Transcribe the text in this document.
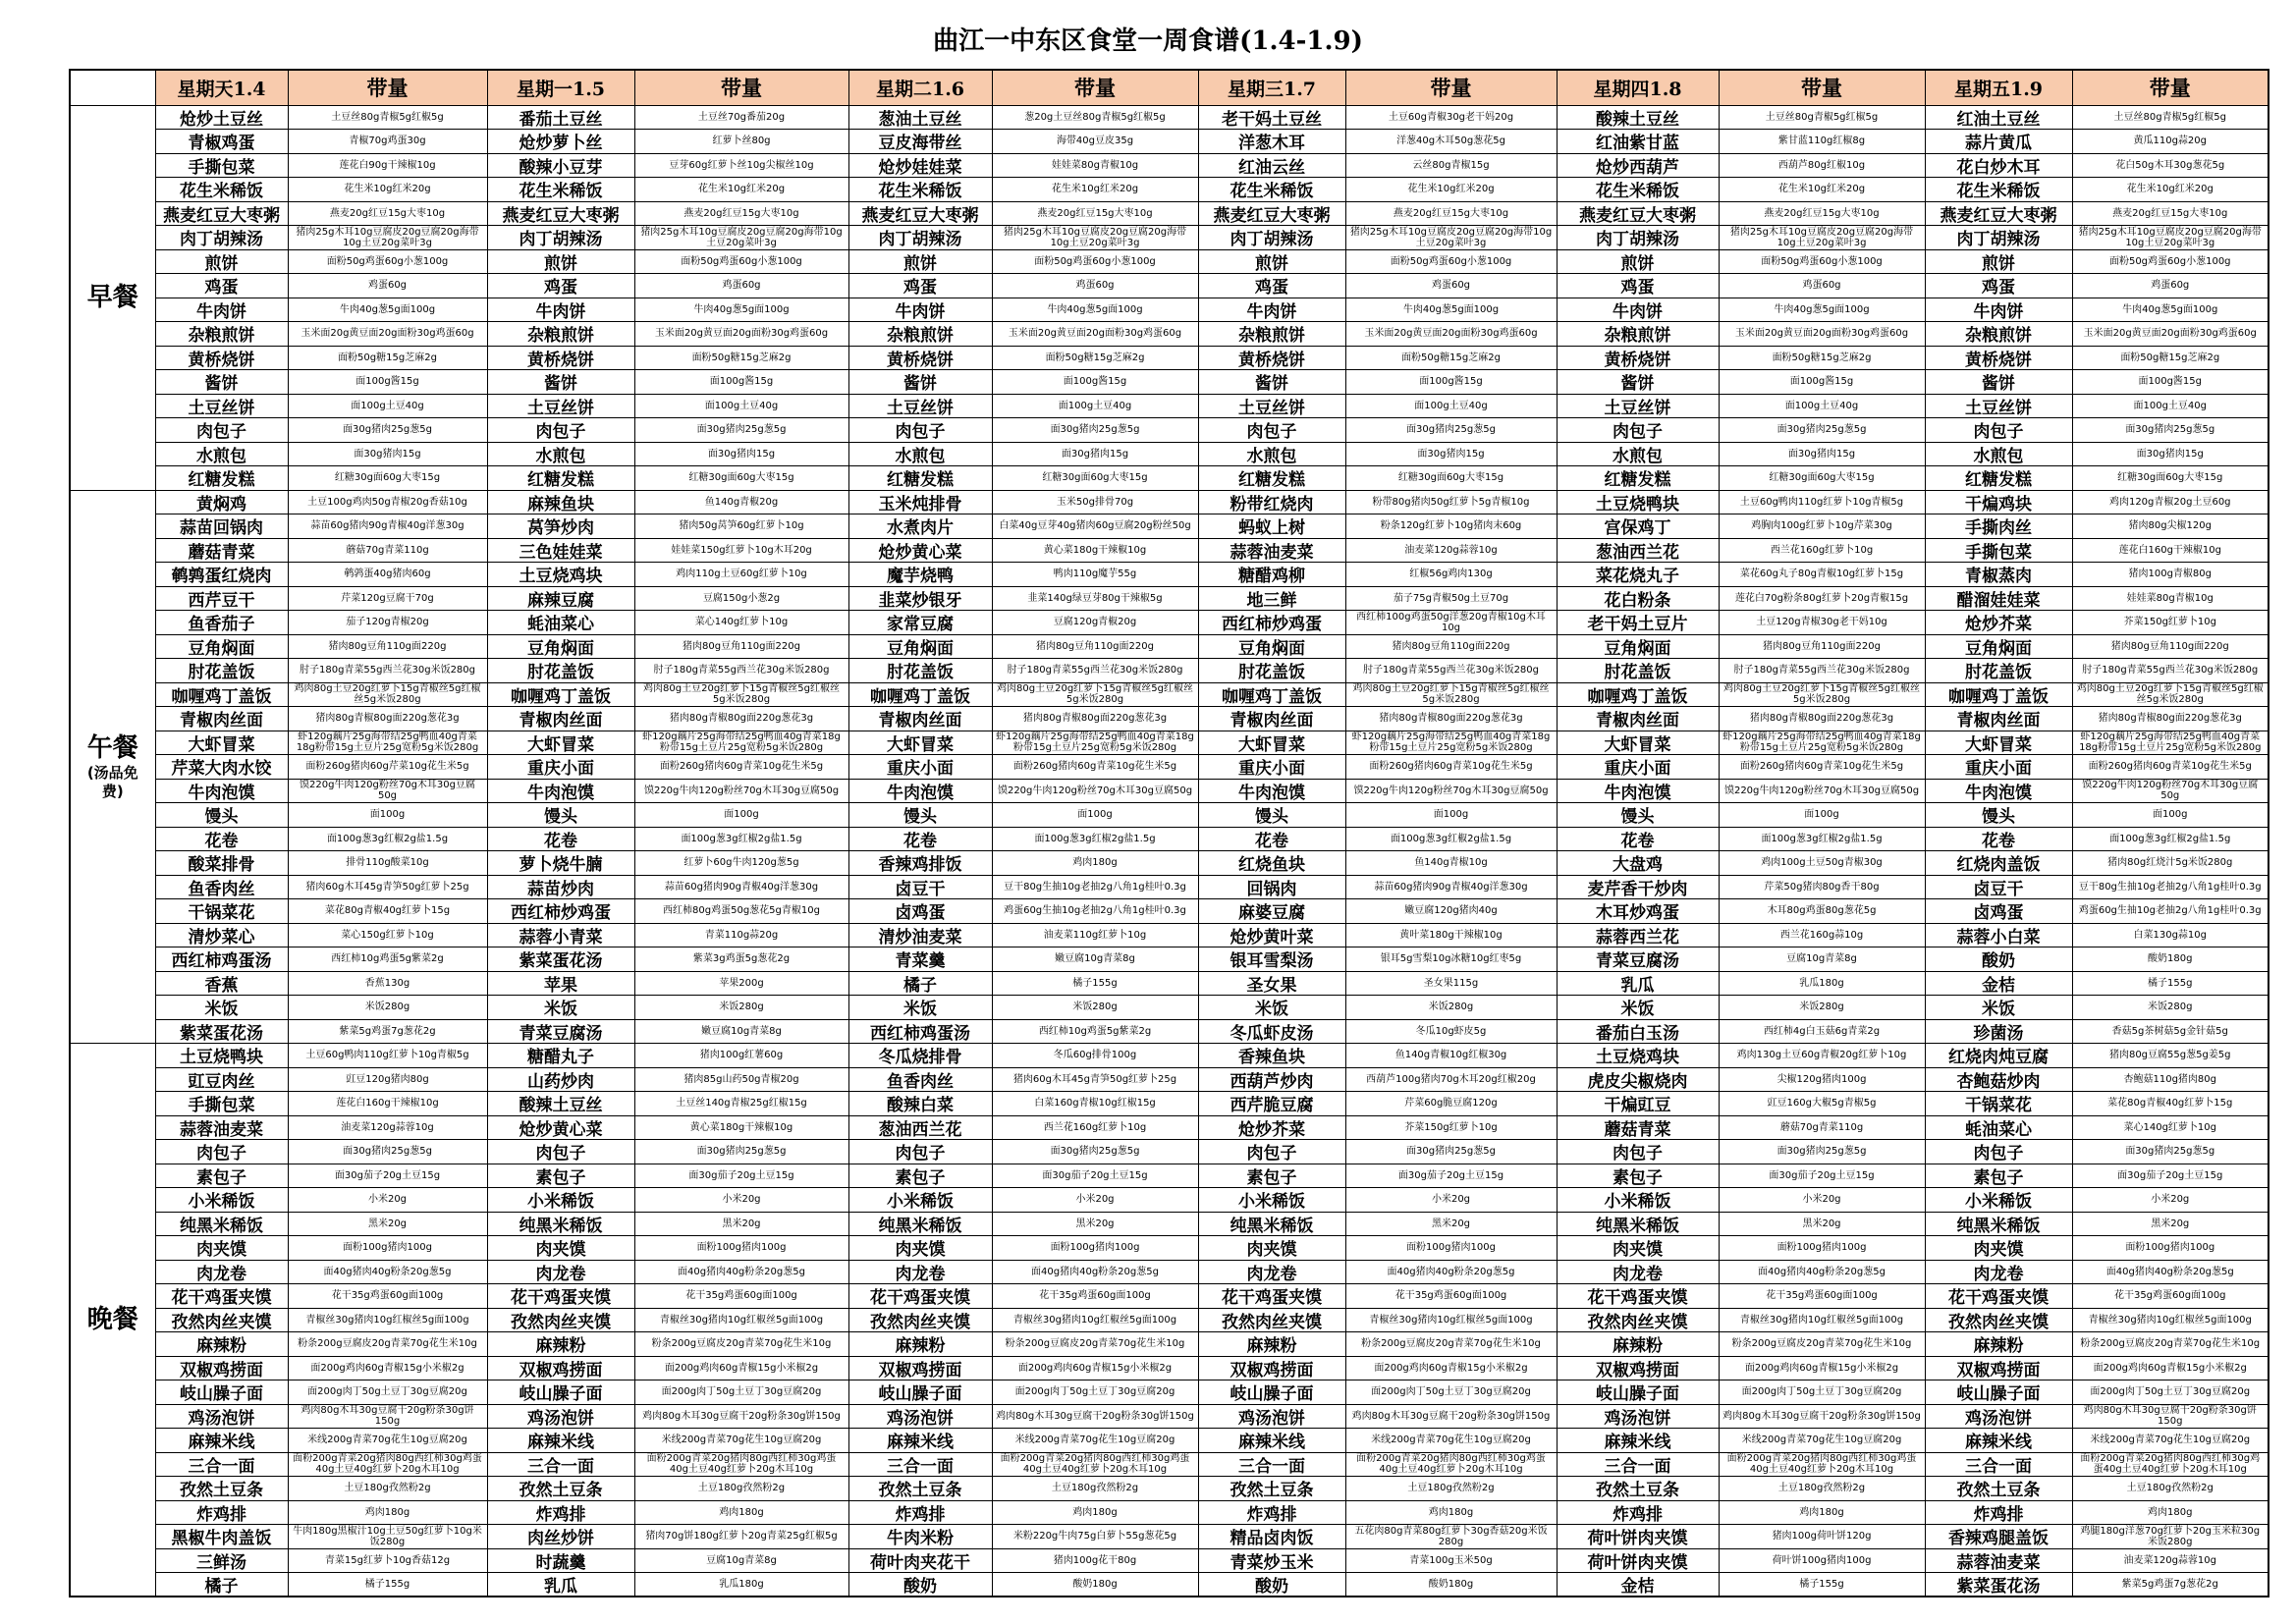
曲江一中东区食堂一周食谱(1.4-1.9)
	星期天1.4	带量	星期一1.5	带量	星期二1.6	带量	星期三1.7	带量	星期四1.8	带量	星期五1.9	带量

早餐	炝炒土豆丝	土豆丝80g青椒5g红椒5g	番茄土豆丝	土豆丝70g番茄20g	葱油土豆丝	葱20g土豆丝80g青椒5g红椒5g	老干妈土豆丝	土豆60g青椒30g老干妈20g	酸辣土豆丝	土豆丝80g青椒5g红椒5g	红油土豆丝	土豆丝80g青椒5g红椒5g

青椒鸡蛋	青椒70g鸡蛋30g	炝炒萝卜丝	红萝卜丝80g	豆皮海带丝	海带40g豆皮35g	洋葱木耳	洋葱40g木耳50g葱花5g	红油紫甘蓝	紫甘蓝110g红椒8g	蒜片黄瓜	黄瓜110g蒜20g

手撕包菜	莲花白90g干辣椒10g	酸辣小豆芽	豆芽60g红萝卜丝10g尖椒丝10g	炝炒娃娃菜	娃娃菜80g青椒10g	红油云丝	云丝80g青椒15g	炝炒西葫芦	西葫芦80g红椒10g	花白炒木耳	花白50g木耳30g葱花5g

花生米稀饭	花生米10g红米20g	花生米稀饭	花生米10g红米20g	花生米稀饭	花生米10g红米20g	花生米稀饭	花生米10g红米20g	花生米稀饭	花生米10g红米20g	花生米稀饭	花生米10g红米20g

燕麦红豆大枣粥	燕麦20g红豆15g大枣10g	燕麦红豆大枣粥	燕麦20g红豆15g大枣10g	燕麦红豆大枣粥	燕麦20g红豆15g大枣10g	燕麦红豆大枣粥	燕麦20g红豆15g大枣10g	燕麦红豆大枣粥	燕麦20g红豆15g大枣10g	燕麦红豆大枣粥	燕麦20g红豆15g大枣10g

肉丁胡辣汤	猪肉25g木耳10g豆腐皮20g豆腐20g海带10g土豆20g菜叶3g	肉丁胡辣汤	猪肉25g木耳10g豆腐皮20g豆腐20g海带10g土豆20g菜叶3g	肉丁胡辣汤	猪肉25g木耳10g豆腐皮20g豆腐20g海带10g土豆20g菜叶3g	肉丁胡辣汤	猪肉25g木耳10g豆腐皮20g豆腐20g海带10g土豆20g菜叶3g	肉丁胡辣汤	猪肉25g木耳10g豆腐皮20g豆腐20g海带10g土豆20g菜叶3g	肉丁胡辣汤	猪肉25g木耳10g豆腐皮20g豆腐20g海带10g土豆20g菜叶3g

煎饼	面粉50g鸡蛋60g小葱100g	煎饼	面粉50g鸡蛋60g小葱100g	煎饼	面粉50g鸡蛋60g小葱100g	煎饼	面粉50g鸡蛋60g小葱100g	煎饼	面粉50g鸡蛋60g小葱100g	煎饼	面粉50g鸡蛋60g小葱100g

鸡蛋	鸡蛋60g	鸡蛋	鸡蛋60g	鸡蛋	鸡蛋60g	鸡蛋	鸡蛋60g	鸡蛋	鸡蛋60g	鸡蛋	鸡蛋60g

牛肉饼	牛肉40g葱5g面100g	牛肉饼	牛肉40g葱5g面100g	牛肉饼	牛肉40g葱5g面100g	牛肉饼	牛肉40g葱5g面100g	牛肉饼	牛肉40g葱5g面100g	牛肉饼	牛肉40g葱5g面100g

杂粮煎饼	玉米面20g黄豆面20g面粉30g鸡蛋60g	杂粮煎饼	玉米面20g黄豆面20g面粉30g鸡蛋60g	杂粮煎饼	玉米面20g黄豆面20g面粉30g鸡蛋60g	杂粮煎饼	玉米面20g黄豆面20g面粉30g鸡蛋60g	杂粮煎饼	玉米面20g黄豆面20g面粉30g鸡蛋60g	杂粮煎饼	玉米面20g黄豆面20g面粉30g鸡蛋60g

黄桥烧饼	面粉50g糖15g芝麻2g	黄桥烧饼	面粉50g糖15g芝麻2g	黄桥烧饼	面粉50g糖15g芝麻2g	黄桥烧饼	面粉50g糖15g芝麻2g	黄桥烧饼	面粉50g糖15g芝麻2g	黄桥烧饼	面粉50g糖15g芝麻2g

酱饼	面100g酱15g	酱饼	面100g酱15g	酱饼	面100g酱15g	酱饼	面100g酱15g	酱饼	面100g酱15g	酱饼	面100g酱15g

土豆丝饼	面100g土豆40g	土豆丝饼	面100g土豆40g	土豆丝饼	面100g土豆40g	土豆丝饼	面100g土豆40g	土豆丝饼	面100g土豆40g	土豆丝饼	面100g土豆40g

肉包子	面30g猪肉25g葱5g	肉包子	面30g猪肉25g葱5g	肉包子	面30g猪肉25g葱5g	肉包子	面30g猪肉25g葱5g	肉包子	面30g猪肉25g葱5g	肉包子	面30g猪肉25g葱5g

水煎包	面30g猪肉15g	水煎包	面30g猪肉15g	水煎包	面30g猪肉15g	水煎包	面30g猪肉15g	水煎包	面30g猪肉15g	水煎包	面30g猪肉15g

红糖发糕	红糖30g面60g大枣15g	红糖发糕	红糖30g面60g大枣15g	红糖发糕	红糖30g面60g大枣15g	红糖发糕	红糖30g面60g大枣15g	红糖发糕	红糖30g面60g大枣15g	红糖发糕	红糖30g面60g大枣15g

午餐
(汤品免费)	黄焖鸡	土豆100g鸡肉50g青椒20g香菇10g	麻辣鱼块	鱼140g青椒20g	玉米炖排骨	玉米50g排骨70g	粉带红烧肉	粉带80g猪肉50g红萝卜5g青椒10g	土豆烧鸭块	土豆60g鸭肉110g红萝卜10g青椒5g	干煸鸡块	鸡肉120g青椒20g土豆60g

蒜苗回锅肉	蒜苗60g猪肉90g青椒40g洋葱30g	莴笋炒肉	猪肉50g莴笋60g红萝卜10g	水煮肉片	白菜40g豆芽40g猪肉60g豆腐20g粉丝50g	蚂蚁上树	粉条120g红萝卜10g猪肉末60g	宫保鸡丁	鸡胸肉100g红萝卜10g芹菜30g	手撕肉丝	猪肉80g尖椒120g

蘑菇青菜	蘑菇70g青菜110g	三色娃娃菜	娃娃菜150g红萝卜10g木耳20g	炝炒黄心菜	黄心菜180g干辣椒10g	蒜蓉油麦菜	油麦菜120g蒜蓉10g	葱油西兰花	西兰花160g红萝卜10g	手撕包菜	莲花白160g干辣椒10g

鹌鹑蛋红烧肉	鹌鹑蛋40g猪肉60g	土豆烧鸡块	鸡肉110g土豆60g红萝卜10g	魔芋烧鸭	鸭肉110g魔芋55g	糖醋鸡柳	红椒56g鸡肉130g	菜花烧丸子	菜花60g丸子80g青椒10g红萝卜15g	青椒蒸肉	猪肉100g青椒80g

西芹豆干	芹菜120g豆腐干70g	麻辣豆腐	豆腐150g小葱2g	韭菜炒银牙	韭菜140g绿豆芽80g干辣椒5g	地三鲜	茄子75g青椒50g土豆70g	花白粉条	莲花白70g粉条80g红萝卜20g青椒15g	醋溜娃娃菜	娃娃菜80g青椒10g

鱼香茄子	茄子120g青椒20g	蚝油菜心	菜心140g红萝卜10g	家常豆腐	豆腐120g青椒20g	西红柿炒鸡蛋	西红柿100g鸡蛋50g洋葱20g青椒10g木耳10g	老干妈土豆片	土豆120g青椒30g老干妈10g	炝炒芥菜	芥菜150g红萝卜10g

豆角焖面	猪肉80g豆角110g面220g	豆角焖面	猪肉80g豆角110g面220g	豆角焖面	猪肉80g豆角110g面220g	豆角焖面	猪肉80g豆角110g面220g	豆角焖面	猪肉80g豆角110g面220g	豆角焖面	猪肉80g豆角110g面220g

肘花盖饭	肘子180g青菜55g西兰花30g米饭280g	肘花盖饭	肘子180g青菜55g西兰花30g米饭280g	肘花盖饭	肘子180g青菜55g西兰花30g米饭280g	肘花盖饭	肘子180g青菜55g西兰花30g米饭280g	肘花盖饭	肘子180g青菜55g西兰花30g米饭280g	肘花盖饭	肘子180g青菜55g西兰花30g米饭280g

咖喱鸡丁盖饭	鸡肉80g土豆20g红萝卜15g青椒丝5g红椒丝5g米饭280g	咖喱鸡丁盖饭	鸡肉80g土豆20g红萝卜15g青椒丝5g红椒丝5g米饭280g	咖喱鸡丁盖饭	鸡肉80g土豆20g红萝卜15g青椒丝5g红椒丝5g米饭280g	咖喱鸡丁盖饭	鸡肉80g土豆20g红萝卜15g青椒丝5g红椒丝5g米饭280g	咖喱鸡丁盖饭	鸡肉80g土豆20g红萝卜15g青椒丝5g红椒丝5g米饭280g	咖喱鸡丁盖饭	鸡肉80g土豆20g红萝卜15g青椒丝5g红椒丝5g米饭280g

青椒肉丝面	猪肉80g青椒80g面220g葱花3g	青椒肉丝面	猪肉80g青椒80g面220g葱花3g	青椒肉丝面	猪肉80g青椒80g面220g葱花3g	青椒肉丝面	猪肉80g青椒80g面220g葱花3g	青椒肉丝面	猪肉80g青椒80g面220g葱花3g	青椒肉丝面	猪肉80g青椒80g面220g葱花3g

大虾冒菜	虾120g藕片25g海带结25g鸭血40g青菜18g粉带15g土豆片25g宽粉5g米饭280g	大虾冒菜	虾120g藕片25g海带结25g鸭血40g青菜18g粉带15g土豆片25g宽粉5g米饭280g	大虾冒菜	虾120g藕片25g海带结25g鸭血40g青菜18g粉带15g土豆片25g宽粉5g米饭280g	大虾冒菜	虾120g藕片25g海带结25g鸭血40g青菜18g粉带15g土豆片25g宽粉5g米饭280g	大虾冒菜	虾120g藕片25g海带结25g鸭血40g青菜18g粉带15g土豆片25g宽粉5g米饭280g	大虾冒菜	虾120g藕片25g海带结25g鸭血40g青菜18g粉带15g土豆片25g宽粉5g米饭280g

芹菜大肉水饺	面粉260g猪肉60g芹菜10g花生米5g	重庆小面	面粉260g猪肉60g青菜10g花生米5g	重庆小面	面粉260g猪肉60g青菜10g花生米5g	重庆小面	面粉260g猪肉60g青菜10g花生米5g	重庆小面	面粉260g猪肉60g青菜10g花生米5g	重庆小面	面粉260g猪肉60g青菜10g花生米5g

牛肉泡馍	馍220g牛肉120g粉丝70g木耳30g豆腐50g	牛肉泡馍	馍220g牛肉120g粉丝70g木耳30g豆腐50g	牛肉泡馍	馍220g牛肉120g粉丝70g木耳30g豆腐50g	牛肉泡馍	馍220g牛肉120g粉丝70g木耳30g豆腐50g	牛肉泡馍	馍220g牛肉120g粉丝70g木耳30g豆腐50g	牛肉泡馍	馍220g牛肉120g粉丝70g木耳30g豆腐50g

馒头	面100g	馒头	面100g	馒头	面100g	馒头	面100g	馒头	面100g	馒头	面100g

花卷	面100g葱3g红椒2g盐1.5g	花卷	面100g葱3g红椒2g盐1.5g	花卷	面100g葱3g红椒2g盐1.5g	花卷	面100g葱3g红椒2g盐1.5g	花卷	面100g葱3g红椒2g盐1.5g	花卷	面100g葱3g红椒2g盐1.5g

酸菜排骨	排骨110g酸菜10g	萝卜烧牛腩	红萝卜60g牛肉120g葱5g	香辣鸡排饭	鸡肉180g	红烧鱼块	鱼140g青椒10g	大盘鸡	鸡肉100g土豆50g青椒30g	红烧肉盖饭	猪肉80g红烧汁5g米饭280g

鱼香肉丝	猪肉60g木耳45g青笋50g红萝卜25g	蒜苗炒肉	蒜苗60g猪肉90g青椒40g洋葱30g	卤豆干	豆干80g生抽10g老抽2g八角1g桂叶0.3g	回锅肉	蒜苗60g猪肉90g青椒40g洋葱30g	麦芹香干炒肉	芹菜50g猪肉80g香干80g	卤豆干	豆干80g生抽10g老抽2g八角1g桂叶0.3g

干锅菜花	菜花80g青椒40g红萝卜15g	西红柿炒鸡蛋	西红柿80g鸡蛋50g葱花5g青椒10g	卤鸡蛋	鸡蛋60g生抽10g老抽2g八角1g桂叶0.3g	麻婆豆腐	嫩豆腐120g猪肉40g	木耳炒鸡蛋	木耳80g鸡蛋80g葱花5g	卤鸡蛋	鸡蛋60g生抽10g老抽2g八角1g桂叶0.3g

清炒菜心	菜心150g红萝卜10g	蒜蓉小青菜	青菜110g蒜20g	清炒油麦菜	油麦菜110g红萝卜10g	炝炒黄叶菜	黄叶菜180g干辣椒10g	蒜蓉西兰花	西兰花160g蒜10g	蒜蓉小白菜	白菜130g蒜10g

西红柿鸡蛋汤	西红柿10g鸡蛋5g紫菜2g	紫菜蛋花汤	紫菜3g鸡蛋5g葱花2g	青菜羹	嫩豆腐10g青菜8g	银耳雪梨汤	银耳5g雪梨10g冰糖10g红枣5g	青菜豆腐汤	豆腐10g青菜8g	酸奶	酸奶180g

香蕉	香蕉130g	苹果	苹果200g	橘子	橘子155g	圣女果	圣女果115g	乳瓜	乳瓜180g	金桔	橘子155g

米饭	米饭280g	米饭	米饭280g	米饭	米饭280g	米饭	米饭280g	米饭	米饭280g	米饭	米饭280g

紫菜蛋花汤	紫菜5g鸡蛋7g葱花2g	青菜豆腐汤	嫩豆腐10g青菜8g	西红柿鸡蛋汤	西红柿10g鸡蛋5g紫菜2g	冬瓜虾皮汤	冬瓜10g虾皮5g	番茄白玉汤	西红柿4g白玉菇6g青菜2g	珍菌汤	香菇5g茶树菇5g金针菇5g

晚餐	土豆烧鸭块	土豆60g鸭肉110g红萝卜10g青椒5g	糖醋丸子	猪肉100g红薯60g	冬瓜烧排骨	冬瓜60g排骨100g	香辣鱼块	鱼140g青椒10g红椒30g	土豆烧鸡块	鸡肉130g土豆60g青椒20g红萝卜10g	红烧肉炖豆腐	猪肉80g豆腐55g葱5g姜5g

豇豆肉丝	豇豆120g猪肉80g	山药炒肉	猪肉85g山药50g青椒20g	鱼香肉丝	猪肉60g木耳45g青笋50g红萝卜25g	西葫芦炒肉	西葫芦100g猪肉70g木耳20g红椒20g	虎皮尖椒烧肉	尖椒120g猪肉100g	杏鲍菇炒肉	杏鲍菇110g猪肉80g

手撕包菜	莲花白160g干辣椒10g	酸辣土豆丝	土豆丝140g青椒25g红椒15g	酸辣白菜	白菜160g青椒10g红椒15g	西芹脆豆腐	芹菜60g脆豆腐120g	干煸豇豆	豇豆160g大椒5g青椒5g	干锅菜花	菜花80g青椒40g红萝卜15g

蒜蓉油麦菜	油麦菜120g蒜蓉10g	炝炒黄心菜	黄心菜180g干辣椒10g	葱油西兰花	西兰花160g红萝卜10g	炝炒芥菜	芥菜150g红萝卜10g	蘑菇青菜	蘑菇70g青菜110g	蚝油菜心	菜心140g红萝卜10g

肉包子	面30g猪肉25g葱5g	肉包子	面30g猪肉25g葱5g	肉包子	面30g猪肉25g葱5g	肉包子	面30g猪肉25g葱5g	肉包子	面30g猪肉25g葱5g	肉包子	面30g猪肉25g葱5g

素包子	面30g茄子20g土豆15g	素包子	面30g茄子20g土豆15g	素包子	面30g茄子20g土豆15g	素包子	面30g茄子20g土豆15g	素包子	面30g茄子20g土豆15g	素包子	面30g茄子20g土豆15g

小米稀饭	小米20g	小米稀饭	小米20g	小米稀饭	小米20g	小米稀饭	小米20g	小米稀饭	小米20g	小米稀饭	小米20g

纯黑米稀饭	黑米20g	纯黑米稀饭	黑米20g	纯黑米稀饭	黑米20g	纯黑米稀饭	黑米20g	纯黑米稀饭	黑米20g	纯黑米稀饭	黑米20g

肉夹馍	面粉100g猪肉100g	肉夹馍	面粉100g猪肉100g	肉夹馍	面粉100g猪肉100g	肉夹馍	面粉100g猪肉100g	肉夹馍	面粉100g猪肉100g	肉夹馍	面粉100g猪肉100g

肉龙卷	面40g猪肉40g粉条20g葱5g	肉龙卷	面40g猪肉40g粉条20g葱5g	肉龙卷	面40g猪肉40g粉条20g葱5g	肉龙卷	面40g猪肉40g粉条20g葱5g	肉龙卷	面40g猪肉40g粉条20g葱5g	肉龙卷	面40g猪肉40g粉条20g葱5g

花干鸡蛋夹馍	花干35g鸡蛋60g面100g	花干鸡蛋夹馍	花干35g鸡蛋60g面100g	花干鸡蛋夹馍	花干35g鸡蛋60g面100g	花干鸡蛋夹馍	花干35g鸡蛋60g面100g	花干鸡蛋夹馍	花干35g鸡蛋60g面100g	花干鸡蛋夹馍	花干35g鸡蛋60g面100g

孜然肉丝夹馍	青椒丝30g猪肉10g红椒丝5g面100g	孜然肉丝夹馍	青椒丝30g猪肉10g红椒丝5g面100g	孜然肉丝夹馍	青椒丝30g猪肉10g红椒丝5g面100g	孜然肉丝夹馍	青椒丝30g猪肉10g红椒丝5g面100g	孜然肉丝夹馍	青椒丝30g猪肉10g红椒丝5g面100g	孜然肉丝夹馍	青椒丝30g猪肉10g红椒丝5g面100g

麻辣粉	粉条200g豆腐皮20g青菜70g花生米10g	麻辣粉	粉条200g豆腐皮20g青菜70g花生米10g	麻辣粉	粉条200g豆腐皮20g青菜70g花生米10g	麻辣粉	粉条200g豆腐皮20g青菜70g花生米10g	麻辣粉	粉条200g豆腐皮20g青菜70g花生米10g	麻辣粉	粉条200g豆腐皮20g青菜70g花生米10g

双椒鸡捞面	面200g鸡肉60g青椒15g小米椒2g	双椒鸡捞面	面200g鸡肉60g青椒15g小米椒2g	双椒鸡捞面	面200g鸡肉60g青椒15g小米椒2g	双椒鸡捞面	面200g鸡肉60g青椒15g小米椒2g	双椒鸡捞面	面200g鸡肉60g青椒15g小米椒2g	双椒鸡捞面	面200g鸡肉60g青椒15g小米椒2g

岐山臊子面	面200g肉丁50g土豆丁30g豆腐20g	岐山臊子面	面200g肉丁50g土豆丁30g豆腐20g	岐山臊子面	面200g肉丁50g土豆丁30g豆腐20g	岐山臊子面	面200g肉丁50g土豆丁30g豆腐20g	岐山臊子面	面200g肉丁50g土豆丁30g豆腐20g	岐山臊子面	面200g肉丁50g土豆丁30g豆腐20g

鸡汤泡饼	鸡肉80g木耳30g豆腐干20g粉条30g饼150g	鸡汤泡饼	鸡肉80g木耳30g豆腐干20g粉条30g饼150g	鸡汤泡饼	鸡肉80g木耳30g豆腐干20g粉条30g饼150g	鸡汤泡饼	鸡肉80g木耳30g豆腐干20g粉条30g饼150g	鸡汤泡饼	鸡肉80g木耳30g豆腐干20g粉条30g饼150g	鸡汤泡饼	鸡肉80g木耳30g豆腐干20g粉条30g饼150g

麻辣米线	米线200g青菜70g花生10g豆腐20g	麻辣米线	米线200g青菜70g花生10g豆腐20g	麻辣米线	米线200g青菜70g花生10g豆腐20g	麻辣米线	米线200g青菜70g花生10g豆腐20g	麻辣米线	米线200g青菜70g花生10g豆腐20g	麻辣米线	米线200g青菜70g花生10g豆腐20g

三合一面	面粉200g青菜20g猪肉80g西红柿30g鸡蛋40g土豆40g红萝卜20g木耳10g	三合一面	面粉200g青菜20g猪肉80g西红柿30g鸡蛋40g土豆40g红萝卜20g木耳10g	三合一面	面粉200g青菜20g猪肉80g西红柿30g鸡蛋40g土豆40g红萝卜20g木耳10g	三合一面	面粉200g青菜20g猪肉80g西红柿30g鸡蛋40g土豆40g红萝卜20g木耳10g	三合一面	面粉200g青菜20g猪肉80g西红柿30g鸡蛋40g土豆40g红萝卜20g木耳10g	三合一面	面粉200g青菜20g猪肉80g西红柿30g鸡蛋40g土豆40g红萝卜20g木耳10g

孜然土豆条	土豆180g孜然粉2g	孜然土豆条	土豆180g孜然粉2g	孜然土豆条	土豆180g孜然粉2g	孜然土豆条	土豆180g孜然粉2g	孜然土豆条	土豆180g孜然粉2g	孜然土豆条	土豆180g孜然粉2g

炸鸡排	鸡肉180g	炸鸡排	鸡肉180g	炸鸡排	鸡肉180g	炸鸡排	鸡肉180g	炸鸡排	鸡肉180g	炸鸡排	鸡肉180g

黑椒牛肉盖饭	牛肉180g黑椒汁10g土豆50g红萝卜10g米饭280g	肉丝炒饼	猪肉70g饼180g红萝卜20g青菜25g红椒5g	牛肉米粉	米粉220g牛肉75g白萝卜55g葱花5g	精品卤肉饭	五花肉80g青菜80g红萝卜30g香菇20g米饭280g	荷叶饼肉夹馍	猪肉100g荷叶饼120g	香辣鸡腿盖饭	鸡腿180g洋葱70g红萝卜20g玉米粒30g米饭280g

三鲜汤	青菜15g红萝卜10g香菇12g	时蔬羹	豆腐10g青菜8g	荷叶肉夹花干	猪肉100g花干80g	青菜炒玉米	青菜100g玉米50g	荷叶饼肉夹馍	荷叶饼100g猪肉100g	蒜蓉油麦菜	油麦菜120g蒜蓉10g

橘子	橘子155g	乳瓜	乳瓜180g	酸奶	酸奶180g	酸奶	酸奶180g	金桔	橘子155g	紫菜蛋花汤	紫菜5g鸡蛋7g葱花2g
